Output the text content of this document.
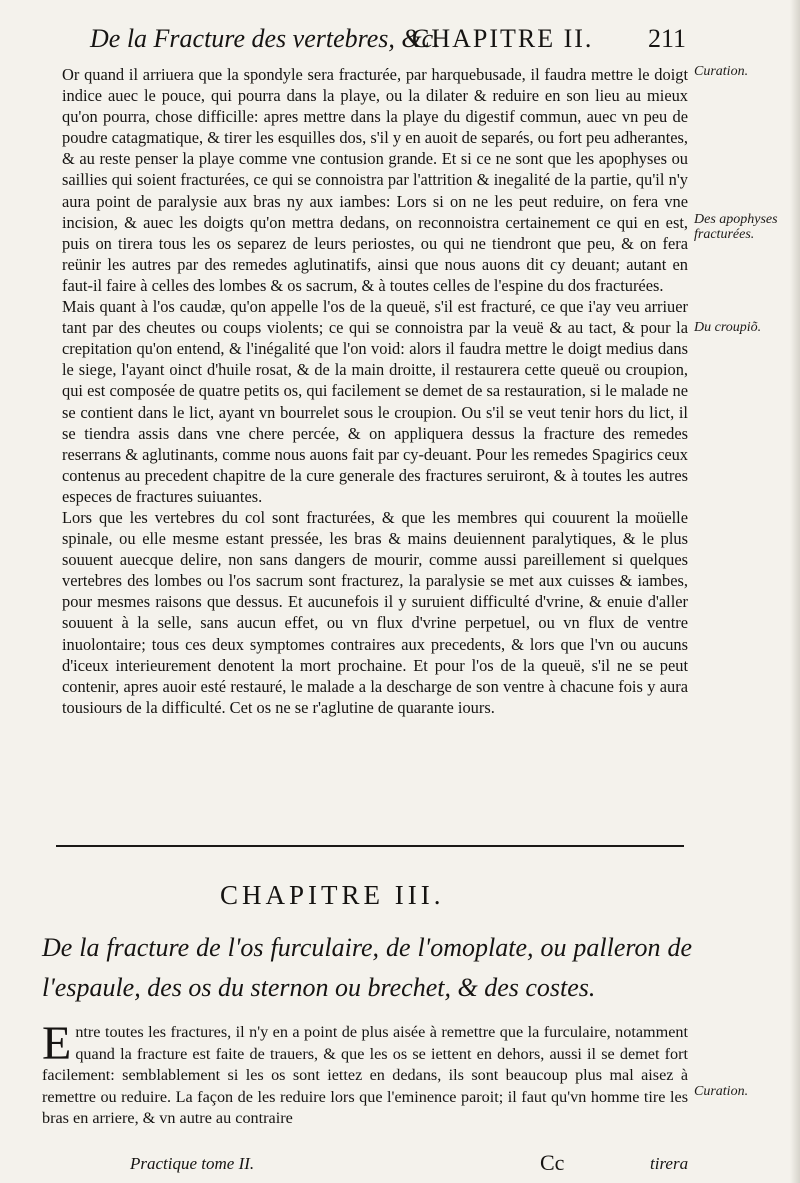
De la Fracture des vertebres, &c.
CHAPITRE II. 211

Or quand il arriuera que la spondyle sera fracturée, par harquebusade, il faudra mettre le doigt indice auec le pouce, qui pourra dans la playe, ou la dilater & reduire en son lieu au mieux qu'on pourra, chose difficille: apres mettre dans la playe du digestif commun, auec vn peu de poudre catagmatique, & tirer les esquilles dos, s'il y en auoit de separés, ou fort peu adherantes, & au reste penser la playe comme vne contusion grande. Et si ce ne sont que les apophyses ou saillies qui soient fracturées, ce qui se connoistra par l'attrition & inegalité de la partie, qu'il n'y aura point de paralysie aux bras ny aux iambes: Lors si on ne les peut reduire, on fera vne incision, & auec les doigts qu'on mettra dedans, on reconnoistra certainement ce qui en est, puis on tirera tous les os separez de leurs periostes, ou qui ne tiendront que peu, & on fera reünir les autres par des remedes aglutinatifs, ainsi que nous auons dit cy deuant; autant en faut-il faire à celles des lombes & os sacrum, & à toutes celles de l'espine du dos fracturées.

Mais quant à l'os caudæ, qu'on appelle l'os de la queuë, s'il est fracturé, ce que i'ay veu arriuer tant par des cheutes ou coups violents; ce qui se connoistra par la veuë & au tact, & pour la crepitation qu'on entend, & l'inégalité que l'on void: alors il faudra mettre le doigt medius dans le siege, l'ayant oinct d'huile rosat, & de la main droitte, il restaurera cette queuë ou croupion, qui est composée de quatre petits os, qui facilement se demet de sa restauration, si le malade ne se contient dans le lict, ayant vn bourrelet sous le croupion. Ou s'il se veut tenir hors du lict, il se tiendra assis dans vne chere percée, & on appliquera dessus la fracture des remedes reserrans & aglutinants, comme nous auons fait par cy-deuant. Pour les remedes Spagirics ceux contenus au precedent chapitre de la cure generale des fractures seruiront, & à toutes les autres especes de fractures suiuantes.

Lors que les vertebres du col sont fracturées, & que les membres qui couurent la moüelle spinale, ou elle mesme estant pressée, les bras & mains deuiennent paralytiques, & le plus souuent auecque delire, non sans dangers de mourir, comme aussi pareillement si quelques vertebres des lombes ou l'os sacrum sont fracturez, la paralysie se met aux cuisses & iambes, pour mesmes raisons que dessus. Et aucunefois il y suruient difficulté d'vrine, & enuie d'aller souuent à la selle, sans aucun effet, ou vn flux d'vrine perpetuel, ou vn flux de ventre inuolontaire; tous ces deux symptomes contraires aux precedents, & lors que l'vn ou aucuns d'iceux interieurement denotent la mort prochaine. Et pour l'os de la queuë, s'il ne se peut contenir, apres auoir esté restauré, le malade a la descharge de son ventre à chacune fois y aura tousiours de la difficulté. Cet os ne se r'aglutine de quarante iours.

Curation.
Des apophyses fracturées.
Du croupiõ.
CHAPITRE III.
De la fracture de l'os furculaire, de l'omoplate, ou palleron de l'espaule, des os du sternon ou brechet, & des costes.
E ntre toutes les fractures, il n'y en a point de plus aisée à remettre que la furculaire, notamment quand la fracture est faite de trauers, & que les os se iettent en dehors, aussi il se demet fort facilement: semblablement si les os sont iettez en dedans, ils sont beaucoup plus mal aisez à remettre ou reduire. La façon de les reduire lors que l'eminence paroit; il faut qu'vn homme tire les bras en arriere, & vn autre au contraire
Curation.
Practique tome II.	Cc	tirera
